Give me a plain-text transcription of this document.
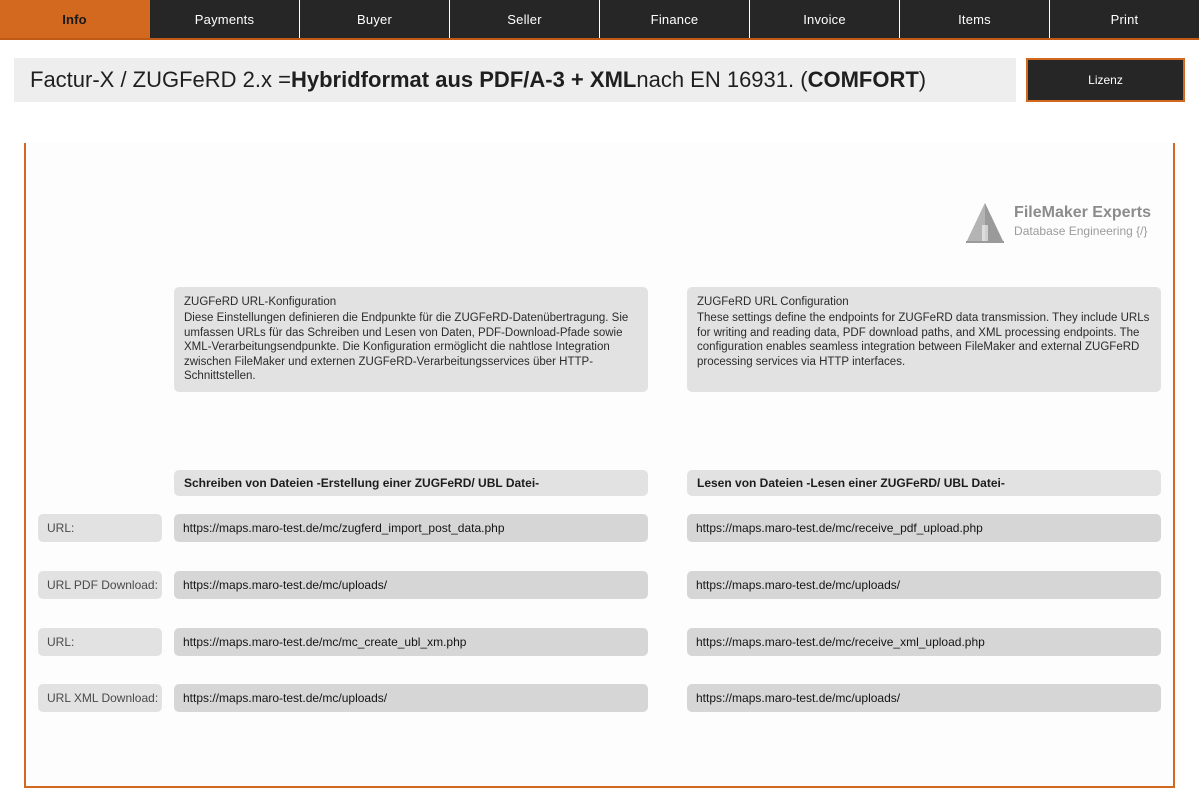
Info	Payments	Buyer	Seller	Finance	Invoice	Items	Print
Factur-X / ZUGFeRD 2.x = Hybridformat aus PDF/A-3 + XML nach EN 16931. ( COMFORT )	Lizenz
FileMaker Experts
Database Engineering {/}
ZUGFeRD URL-Konfiguration
Diese Einstellungen definieren die Endpunkte für die ZUGFeRD-Datenübertragung. Sie umfassen URLs für das Schreiben und Lesen von Daten, PDF-Download-Pfade sowie XML-Verarbeitungsendpunkte. Die Konfiguration ermöglicht die nahtlose Integration zwischen FileMaker und externen ZUGFeRD-Verarbeitungsservices über HTTP-Schnittstellen.
ZUGFeRD URL Configuration
These settings define the endpoints for ZUGFeRD data transmission. They include URLs for writing and reading data, PDF download paths, and XML processing endpoints. The configuration enables seamless integration between FileMaker and external ZUGFeRD processing services via HTTP interfaces.
Schreiben von Dateien -Erstellung einer ZUGFeRD/ UBL Datei-	Lesen von Dateien -Lesen einer ZUGFeRD/ UBL Datei-
URL:	https://maps.maro-test.de/mc/zugferd_import_post_data.php	https://maps.maro-test.de/mc/receive_pdf_upload.php
URL PDF Download:	https://maps.maro-test.de/mc/uploads/	https://maps.maro-test.de/mc/uploads/
URL:	https://maps.maro-test.de/mc/mc_create_ubl_xm.php	https://maps.maro-test.de/mc/receive_xml_upload.php
URL XML Download:	https://maps.maro-test.de/mc/uploads/	https://maps.maro-test.de/mc/uploads/
